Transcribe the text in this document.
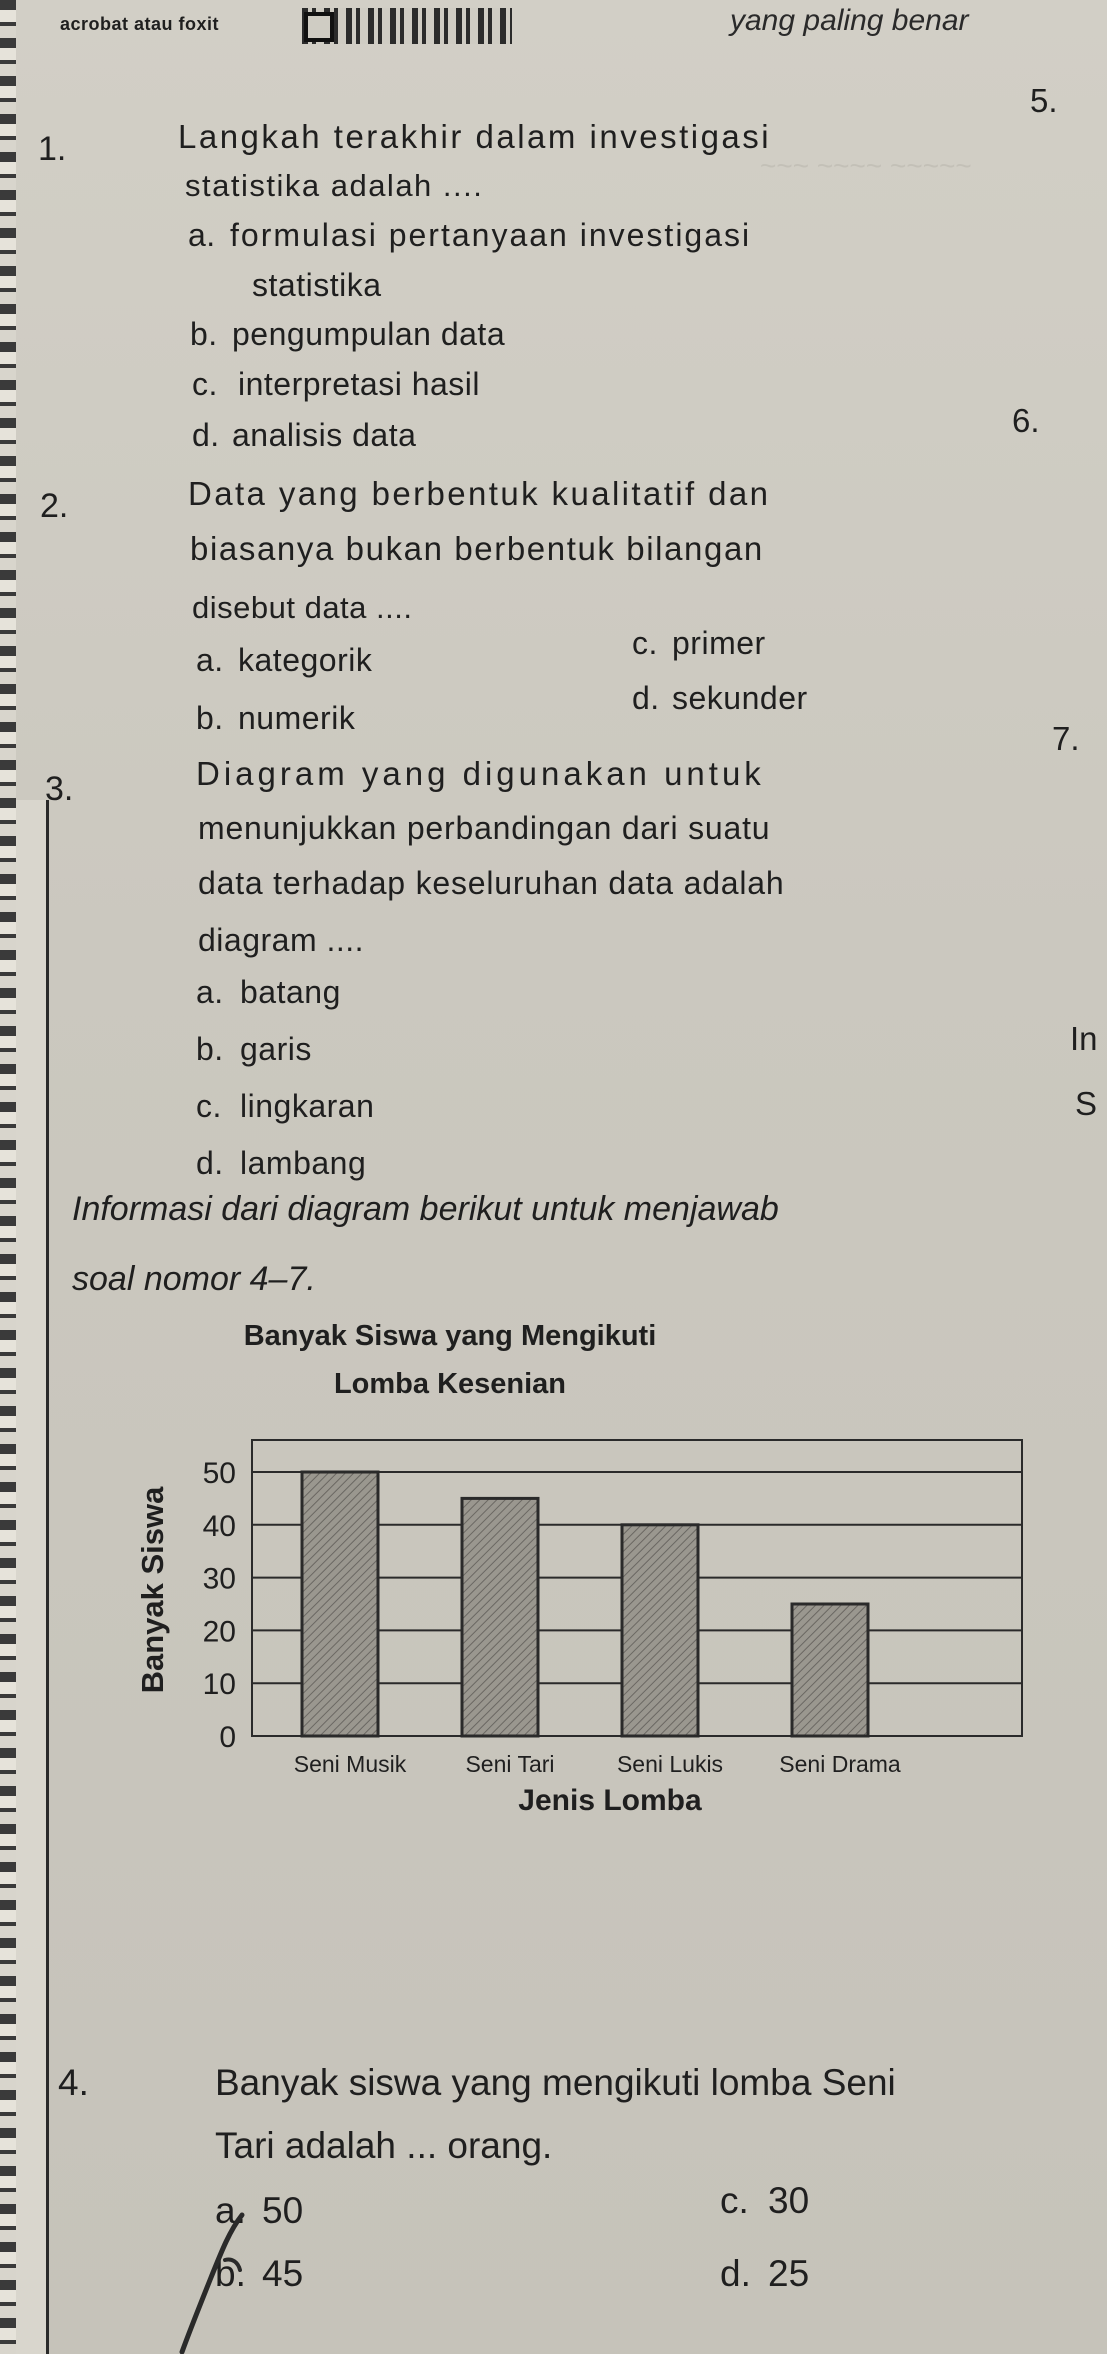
~~~ ~~~~ ~~~~~
acrobat atau foxit	yang paling benar
1.	Langkah terakhir dalam investigasi
statistika adalah ....
a. formulasi pertanyaan investigasi
statistika
b. pengumpulan data
c. interpretasi hasil
d. analisis data
2.	Data yang berbentuk kualitatif dan
biasanya bukan berbentuk bilangan
disebut data ....
a. kategorik
b. numerik
c. primer
d. sekunder
3.	Diagram yang digunakan untuk
menunjukkan perbandingan dari suatu
data terhadap keseluruhan data adalah
diagram ....
a. batang
b. garis
c. lingkaran
d. lambang
5.
6.
7.
In
S
Informasi dari diagram berikut untuk menjawab
soal nomor 4–7.
Banyak Siswa yang Mengikuti
Lomba Kesenian
0
10
20
30
40
50
Seni Musik	Seni Tari	Seni Lukis Seni Drama
Banyak Siswa
Jenis Lomba
4.	Banyak siswa yang mengikuti lomba Seni
Tari adalah ... orang.
a. 50
b. 45
c. 30
d. 25
